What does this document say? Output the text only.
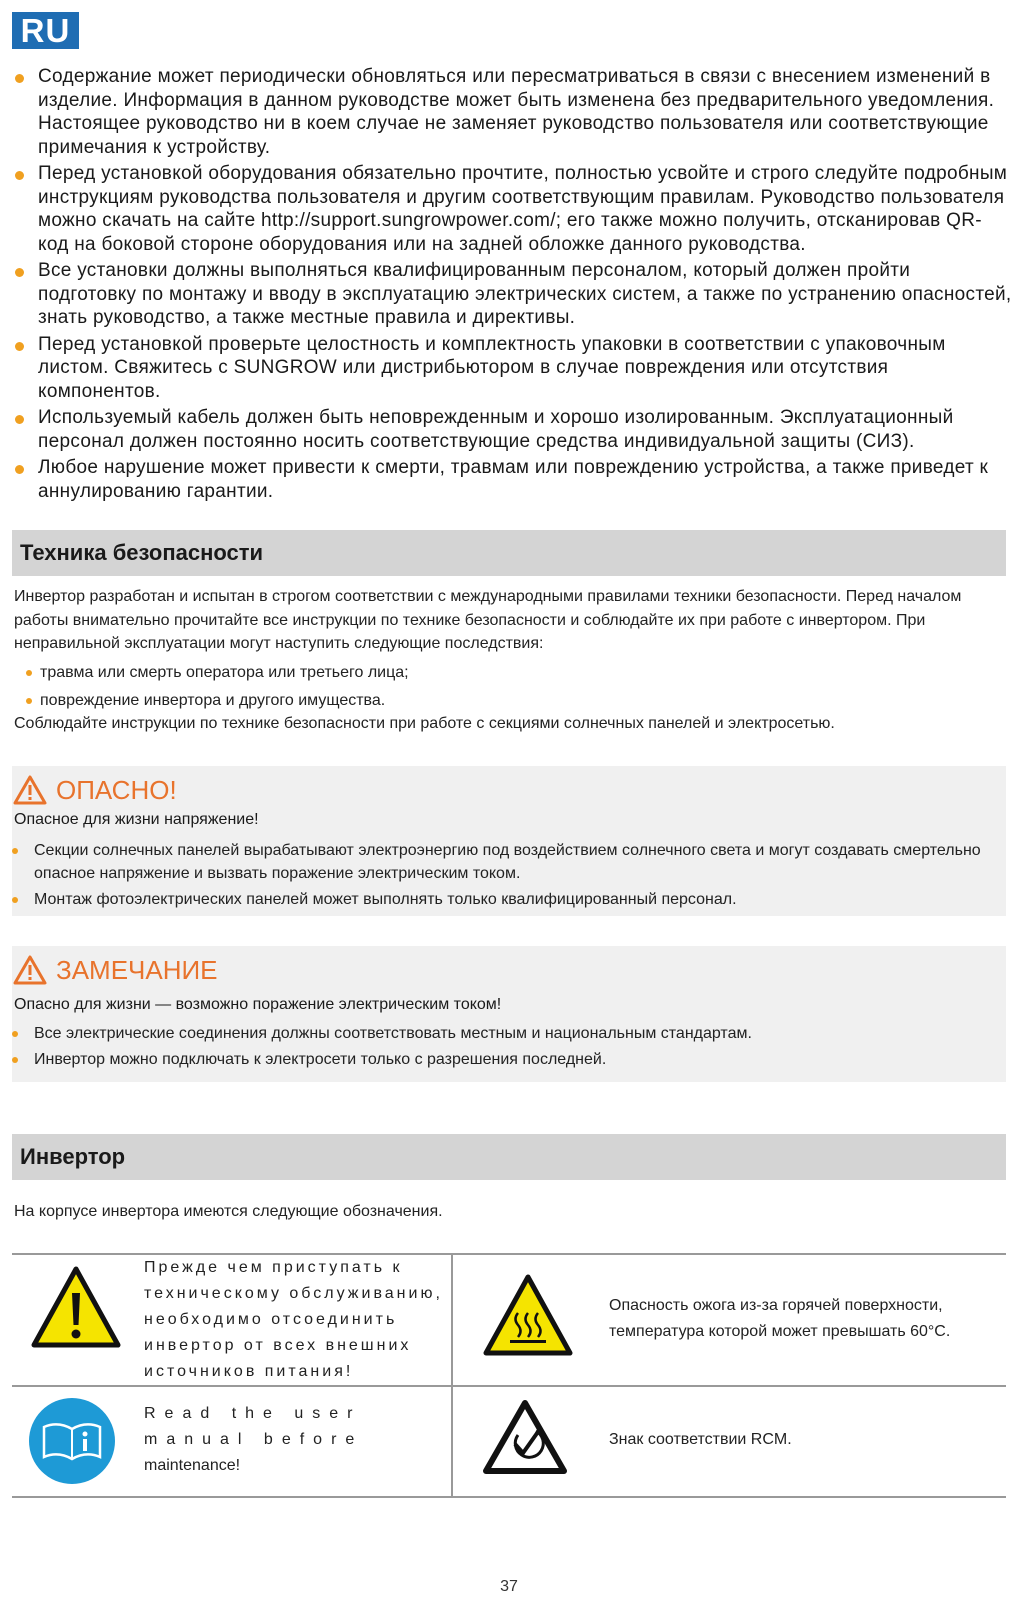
RU
Содержание может периодически обновляться или пересматриваться в связи с внесением изменений в изделие. Информация в данном руководстве может быть изменена без предварительного уведомления. Настоящее руководство ни в коем случае не заменяет руководство пользователя или соответствующие примечания к устройству.
Перед установкой оборудования обязательно прочтите, полностью усвойте и строго следуйте подробным инструкциям руководства пользователя и другим соответствующим правилам. Руководство пользователя можно скачать на сайте http://support.sungrowpower.com/; его также можно получить, отсканировав QR-код на боковой стороне оборудования или на задней обложке данного руководства.
Все установки должны выполняться квалифицированным персоналом, который должен пройти подготовку по монтажу и вводу в эксплуатацию электрических систем, а также по устранению опасностей, знать руководство, а также местные правила и директивы.
Перед установкой проверьте целостность и комплектность упаковки в соответствии с упаковочным листом. Свяжитесь с SUNGROW или дистрибьютором в случае повреждения или отсутствия компонентов.
Используемый кабель должен быть неповрежденным и хорошо изолированным. Эксплуатационный персонал должен постоянно носить соответствующие средства индивидуальной защиты (СИЗ).
Любое нарушение может привести к смерти, травмам или повреждению устройства, а также приведет к аннулированию гарантии.
Техника безопасности

Инвертор разработан и испытан в строгом соответствии с международными правилами техники безопасности. Перед началом работы внимательно прочитайте все инструкции по технике безопасности и соблюдайте их при работе с инвертором. При неправильной эксплуатации могут наступить следующие последствия:

травма или смерть оператора или третьего лица;
повреждение инвертора и другого имущества.

Соблюдайте инструкции по технике безопасности при работе с секциями солнечных панелей и электросетью.

ОПАСНО!
Опасное для жизни напряжение!
Секции солнечных панелей вырабатывают электроэнергию под воздействием солнечного света и могут создавать смертельно опасное напряжение и вызвать поражение электрическим током.
Монтаж фотоэлектрических панелей может выполнять только квалифицированный персонал.
ЗАМЕЧАНИЕ
Опасно для жизни — возможно поражение электрическим током!
Все электрические соединения должны соответствовать местным и национальным стандартам.
Инвертор можно подключать к электросети только с разрешения последней.
Инвертор
На корпусе инвертора имеются следующие обозначения.
Прежде чем приступать к техническому обслуживанию, необходимо отсоединить инвертор от всех внешних источников питания!
Опасность ожога из-за горячей поверхности, температура которой может превышать 60°C.
Read the user manual before
maintenance!
Знак соответствии RCM.
37
